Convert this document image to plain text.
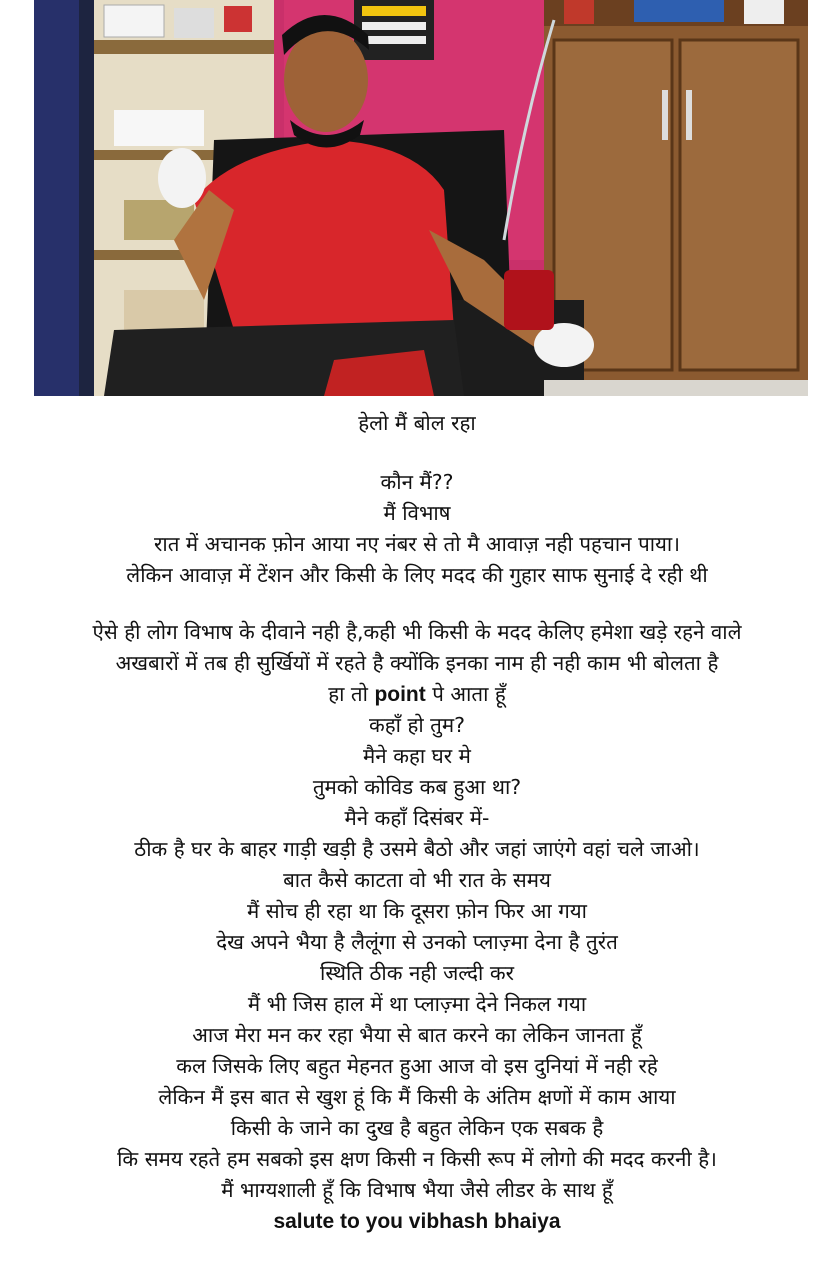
हेलो मैं बोल रहा
कौन मैं??
मैं विभाष
रात में अचानक फ़ोन आया नए नंबर से तो मै आवाज़ नही पहचान पाया।
लेकिन आवाज़ में टेंशन और किसी के लिए मदद की गुहार साफ सुनाई दे रही थी
ऐसे ही लोग विभाष के दीवाने नही है,कही भी किसी के मदद केलिए हमेशा खड़े रहने वाले
अखबारों में तब ही सुर्खियों में रहते है क्योंकि इनका नाम ही नही काम भी बोलता है
हा तो point पे आता हूँ
कहाँ हो तुम?
मैने कहा घर मे
तुमको कोविड कब हुआ था?
मैने कहाँ दिसंबर में-
ठीक है घर के बाहर गाड़ी खड़ी है उसमे बैठो और जहां जाएंगे वहां चले जाओ।
बात कैसे काटता वो भी रात के समय
मैं सोच ही रहा था कि दूसरा फ़ोन फिर आ गया
देख अपने भैया है लैलूंगा से उनको प्लाज़्मा देना है तुरंत
स्थिति ठीक नही जल्दी कर
मैं भी जिस हाल में था प्लाज़्मा देने निकल गया
आज मेरा मन कर रहा भैया से बात करने का लेकिन जानता हूँ
कल जिसके लिए बहुत मेहनत हुआ आज वो इस दुनियां में नही रहे
लेकिन मैं इस बात से खुश हूं कि मैं किसी के अंतिम क्षणों में काम आया
किसी के जाने का दुख है बहुत लेकिन एक सबक है
कि समय रहते हम सबको इस क्षण किसी न किसी रूप में लोगो की मदद करनी है।
मैं भाग्यशाली हूँ कि विभाष भैया जैसे लीडर के साथ हूँ
salute to you vibhash bhaiya
